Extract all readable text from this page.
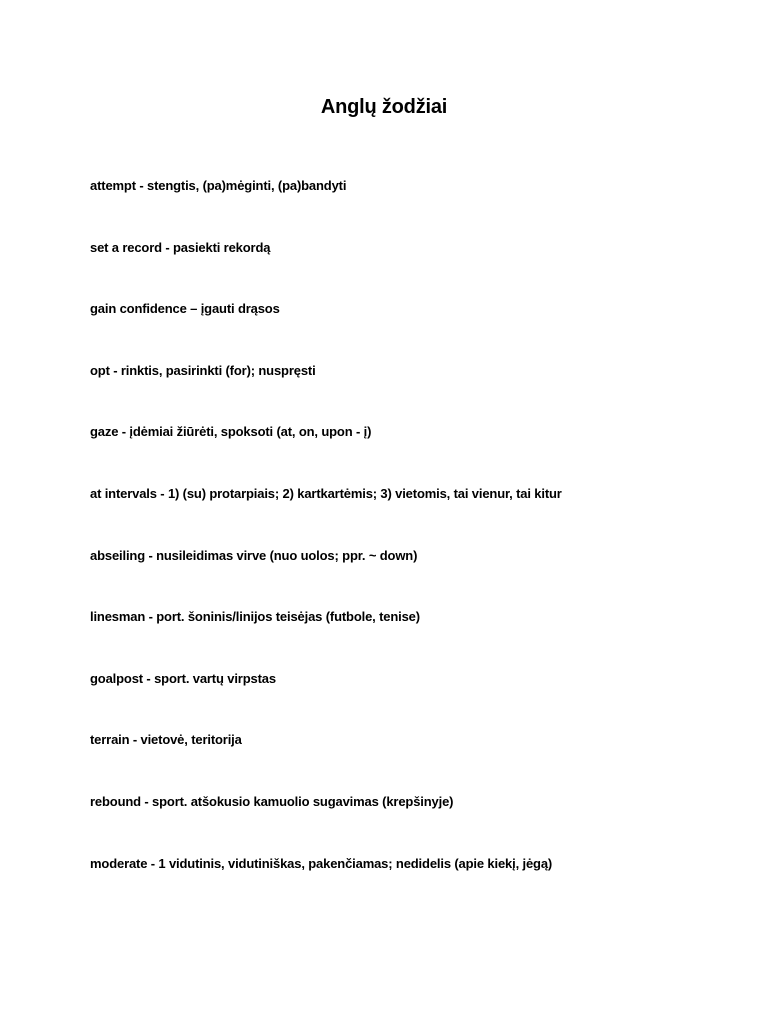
Anglų žodžiai
attempt - stengtis, (pa)mėginti, (pa)bandyti
set a record - pasiekti rekordą
gain confidence – įgauti drąsos
opt - rinktis, pasirinkti (for); nuspręsti
gaze - įdėmiai žiūrėti, spoksoti (at, on, upon - į)
at intervals - 1) (su) protarpiais; 2) kartkartėmis; 3) vietomis, tai vienur, tai kitur
abseiling - nusileidimas virve (nuo uolos; ppr. ~ down)
linesman - port. šoninis/linijos teisėjas (futbole, tenise)
goalpost - sport. vartų virpstas
terrain - vietovė, teritorija
rebound - sport. atšokusio kamuolio sugavimas (krepšinyje)
moderate - 1 vidutinis, vidutiniškas, pakenčiamas; nedidelis (apie kiekį, jėgą)
